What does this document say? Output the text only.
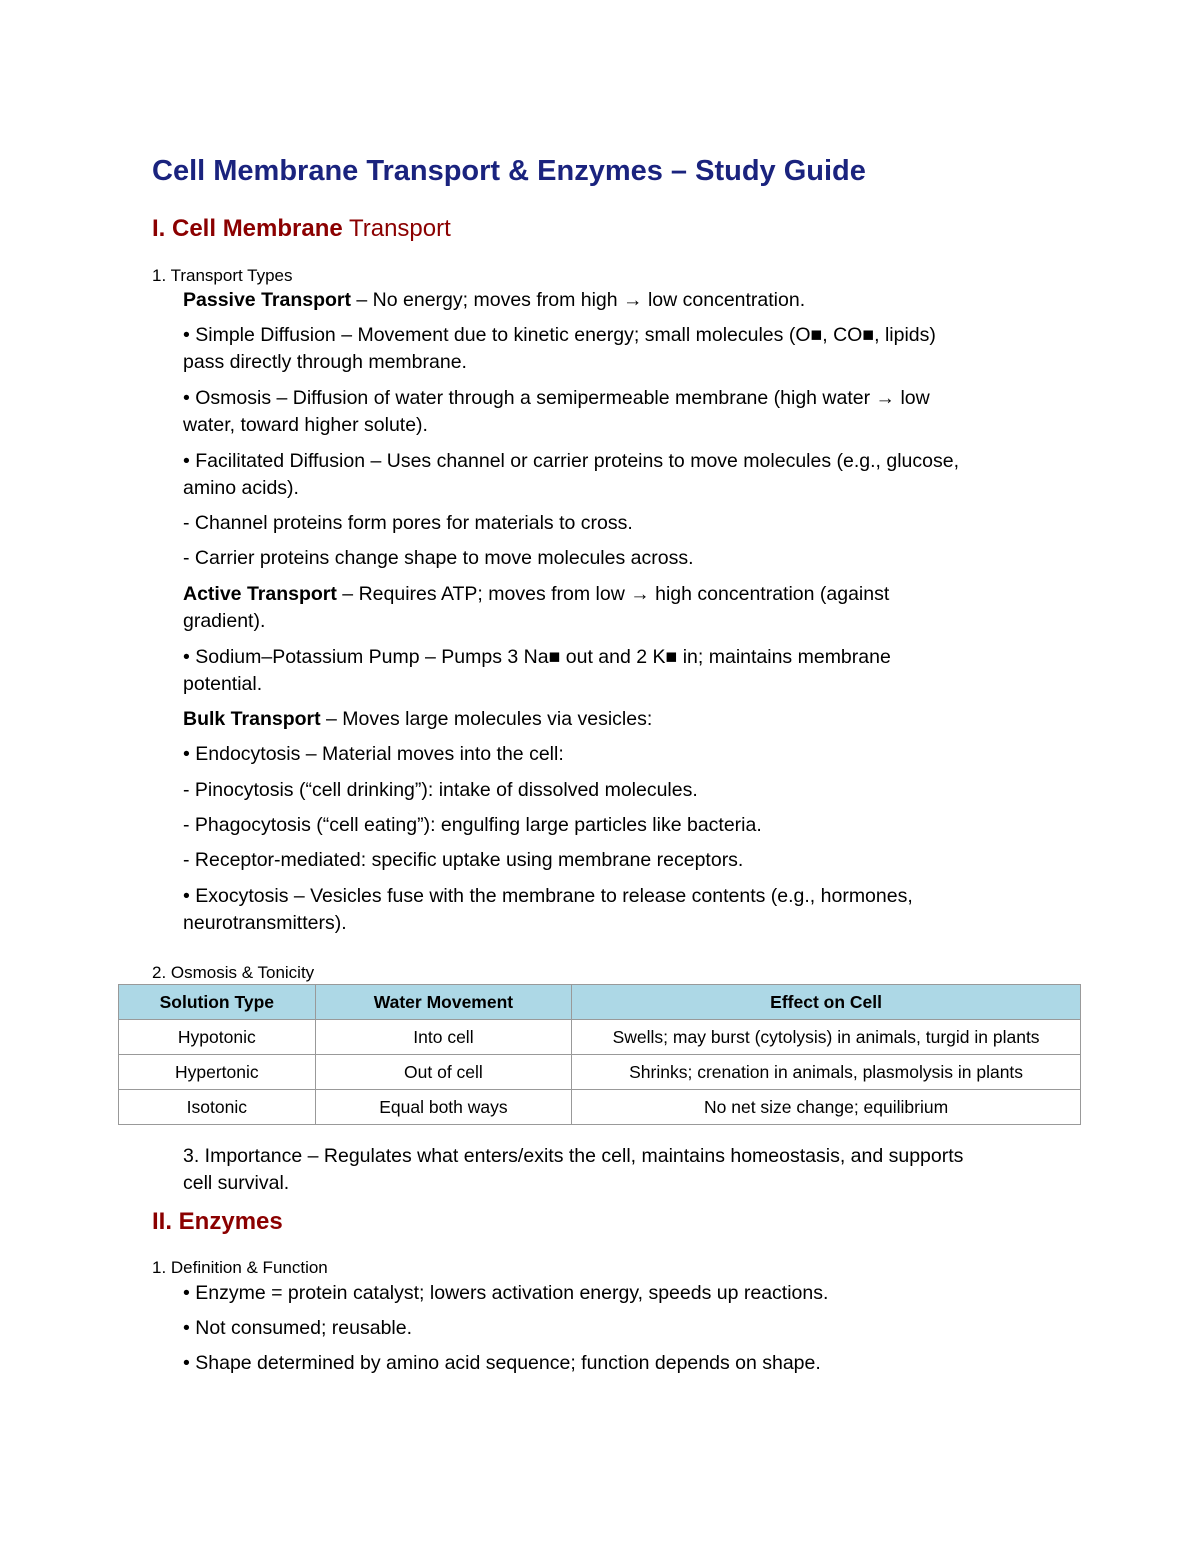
Cell Membrane Transport & Enzymes – Study Guide
I. Cell Membrane Transport

1. Transport Types

Passive Transport – No energy; moves from high → low concentration.

• Simple Diffusion – Movement due to kinetic energy; small molecules (O■, CO■, lipids)

pass directly through membrane.

• Osmosis – Diffusion of water through a semipermeable membrane (high water → low

water, toward higher solute).

• Facilitated Diffusion – Uses channel or carrier proteins to move molecules (e.g., glucose,

amino acids).

- Channel proteins form pores for materials to cross.

- Carrier proteins change shape to move molecules across.

Active Transport – Requires ATP; moves from low → high concentration (against

gradient).

• Sodium–Potassium Pump – Pumps 3 Na■ out and 2 K■ in; maintains membrane

potential.

Bulk Transport – Moves large molecules via vesicles:

• Endocytosis – Material moves into the cell:

- Pinocytosis (“cell drinking”): intake of dissolved molecules.

- Phagocytosis (“cell eating”): engulfing large particles like bacteria.

- Receptor-mediated: specific uptake using membrane receptors.

• Exocytosis – Vesicles fuse with the membrane to release contents (e.g., hormones,

neurotransmitters).

2. Osmosis & Tonicity

Solution Type	Water Movement	Effect on Cell
Hypotonic	Into cell	Swells; may burst (cytolysis) in animals, turgid in plants
Hypertonic	Out of cell	Shrinks; crenation in animals, plasmolysis in plants
Isotonic	Equal both ways	No net size change; equilibrium

3. Importance – Regulates what enters/exits the cell, maintains homeostasis, and supports

cell survival.

II. Enzymes

1. Definition & Function

• Enzyme = protein catalyst; lowers activation energy, speeds up reactions.

• Not consumed; reusable.

• Shape determined by amino acid sequence; function depends on shape.
